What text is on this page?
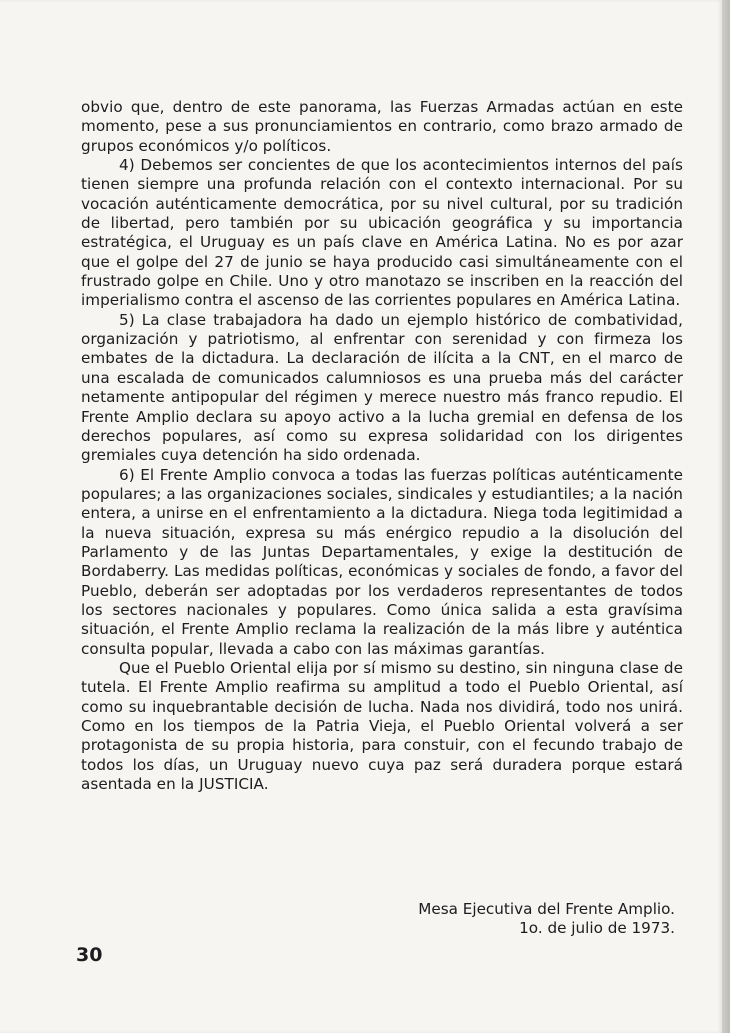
obvio que, dentro de este panorama, las Fuerzas Armadas actúan en este momento, pese a sus pronunciamientos en contrario, como brazo armado de grupos económicos y/o políticos.

4) Debemos ser concientes de que los acontecimientos internos del país tienen siempre una profunda relación con el contexto internacional. Por su vocación auténticamente democrática, por su nivel cultural, por su tradición de libertad, pero también por su ubicación geográfica y su importancia estratégica, el Uruguay es un país clave en América Latina. No es por azar que el golpe del 27 de junio se haya producido casi simultáneamente con el frustrado golpe en Chile. Uno y otro manotazo se inscriben en la reacción del imperialismo contra el ascenso de las corrientes populares en América Latina.

5) La clase trabajadora ha dado un ejemplo histórico de combatividad, organización y patriotismo, al enfrentar con serenidad y con firmeza los embates de la dictadura. La declaración de ilícita a la CNT, en el marco de una escalada de comunicados calumniosos es una prueba más del carácter netamente antipopular del régimen y merece nuestro más franco repudio. El Frente Amplio declara su apoyo activo a la lucha gremial en defensa de los derechos populares, así como su expresa solidaridad con los dirigentes gremiales cuya detención ha sido ordenada.

6) El Frente Amplio convoca a todas las fuerzas políticas auténticamente populares; a las organizaciones sociales, sindicales y estudiantiles; a la nación entera, a unirse en el enfrentamiento a la dictadura. Niega toda legitimidad a la nueva situación, expresa su más enérgico repudio a la disolución del Parlamento y de las Juntas Departamentales, y exige la destitución de Bordaberry. Las medidas políticas, económicas y sociales de fondo, a favor del Pueblo, deberán ser adoptadas por los verdaderos representantes de todos los sectores nacionales y populares. Como única salida a esta gravísima situación, el Frente Amplio reclama la realización de la más libre y auténtica consulta popular, llevada a cabo con las máximas garantías.

Que el Pueblo Oriental elija por sí mismo su destino, sin ninguna clase de tutela. El Frente Amplio reafirma su amplitud a todo el Pueblo Oriental, así como su inquebrantable decisión de lucha. Nada nos dividirá, todo nos unirá. Como en los tiempos de la Patria Vieja, el Pueblo Oriental volverá a ser protagonista de su propia historia, para constuir, con el fecundo trabajo de todos los días, un Uruguay nuevo cuya paz será duradera porque estará asentada en la JUSTICIA.

Mesa Ejecutiva del Frente Amplio.
1o. de julio de 1973.
30
